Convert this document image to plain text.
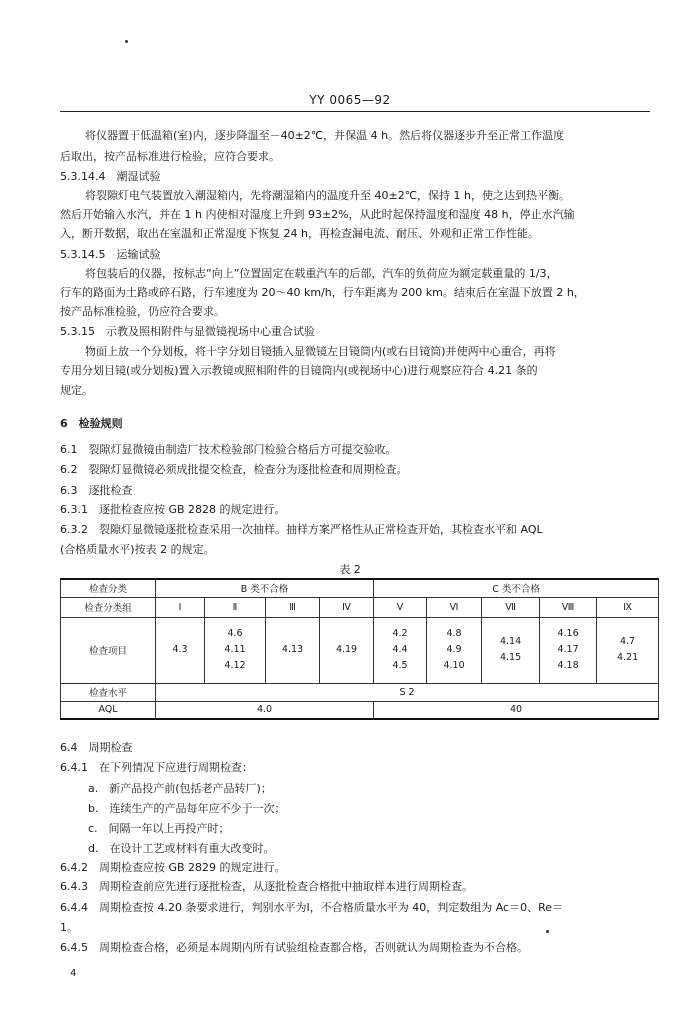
YY 0065—92
将仪器置于低温箱(室)内，逐步降温至－40±2℃，并保温 4 h。然后将仪器逐步升至正常工作温度
后取出，按产品标准进行检验，应符合要求。
5.3.14.4　潮湿试验
将裂隙灯电气装置放入潮湿箱内，先将潮湿箱内的温度升至 40±2℃，保持 1 h，使之达到热平衡。
然后开始输入水汽，并在 1 h 内使相对湿度上升到 93±2%，从此时起保持温度和湿度 48 h，停止水汽输
入，断开数据，取出在室温和正常湿度下恢复 24 h，再检查漏电流、耐压、外观和正常工作性能。
5.3.14.5　运输试验
将包装后的仪器，按标志“向上”位置固定在载重汽车的后部，汽车的负荷应为额定载重量的 1/3，
行车的路面为土路或碎石路，行车速度为 20～40 km/h，行车距离为 200 km。结束后在室温下放置 2 h，
按产品标准检验，仍应符合要求。
5.3.15　示教及照相附件与显微镜视场中心重合试验
物面上放一个分划板，将十字分划目镜插入显微镜左目镜筒内(或右目镜筒)并使两中心重合，再将
专用分划目镜(或分划板)置入示教镜或照相附件的目镜筒内(或视场中心)进行观察应符合 4.21 条的
规定。
6　检验规则
6.1　裂隙灯显微镜由制造厂技术检验部门检验合格后方可提交验收。
6.2　裂隙灯显微镜必须成批提交检查，检查分为逐批检查和周期检查。
6.3　逐批检查
6.3.1　逐批检查应按 GB 2828 的规定进行。
6.3.2　裂隙灯显微镜逐批检查采用一次抽样。抽样方案严格性从正常检查开始，其检查水平和 AQL
(合格质量水平)按表 2 的规定。
表 2
检查分类	B 类不合格				C 类不合格				
检查分类组	Ⅰ	Ⅱ	Ⅲ	Ⅳ	Ⅴ	Ⅵ	Ⅶ	Ⅷ	Ⅸ
检查项目	4.3	4.6
4.11
4.12	4.13	4.19	4.2
4.4
4.5	4.8
4.9
4.10	4.14
4.15	4.16
4.17
4.18	4.7
4.21

检查水平	S 2								
AQL	4.0				40				
6.4　周期检查
6.4.1　在下列情况下应进行周期检查：
a.　新产品投产前(包括老产品转厂)；
b.　连续生产的产品每年应不少于一次；
c.　间隔一年以上再投产时；
d.　在设计工艺或材料有重大改变时。
6.4.2　周期检查应按 GB 2829 的规定进行。
6.4.3　周期检查前应先进行逐批检查，从逐批检查合格批中抽取样本进行周期检查。
6.4.4　周期检查按 4.20 条要求进行，判别水平为Ⅰ，不合格质量水平为 40，判定数组为 Ac＝0、Re＝
1。
6.4.5　周期检查合格，必须是本周期内所有试验组检查都合格，否则就认为周期检查为不合格。
4
